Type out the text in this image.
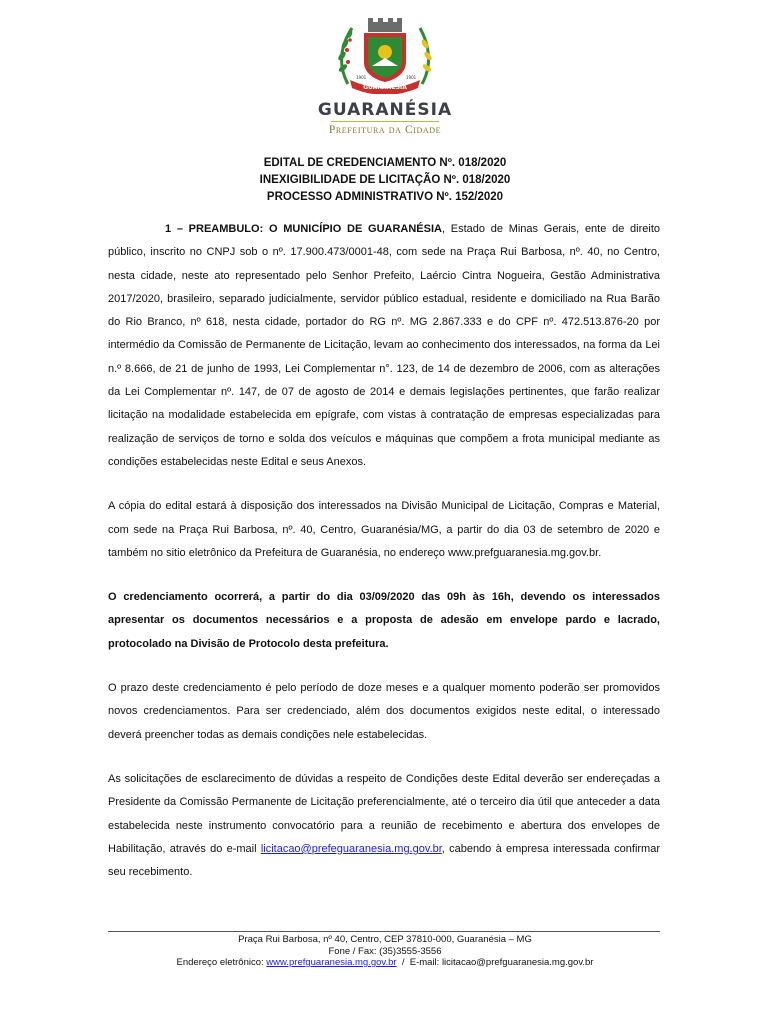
GUARANÉSIA
1901	1901
GUARANÉSIA
Prefeitura da Cidade
EDITAL DE CREDENCIAMENTO Nº. 018/2020
INEXIGIBILIDADE DE LICITAÇÃO Nº. 018/2020
PROCESSO ADMINISTRATIVO Nº. 152/2020

1 – PREAMBULO: O MUNICÍPIO DE GUARANÉSIA, Estado de Minas Gerais, ente de direito público, inscrito no CNPJ sob o nº. 17.900.473/0001-48, com sede na Praça Rui Barbosa, nº. 40, no Centro, nesta cidade, neste ato representado pelo Senhor Prefeito, Laércio Cintra Nogueira, Gestão Administrativa 2017/2020, brasileiro, separado judicialmente, servidor público estadual, residente e domiciliado na Rua Barão do Rio Branco, nº 618, nesta cidade, portador do RG nº. MG 2.867.333 e do CPF nº. 472.513.876-20 por intermédio da Comissão de Permanente de Licitação, levam ao conhecimento dos interessados, na forma da Lei n.º 8.666, de 21 de junho de 1993, Lei Complementar n°. 123, de 14 de dezembro de 2006, com as alterações da Lei Complementar nº. 147, de 07 de agosto de 2014 e demais legislações pertinentes, que farão realizar licitação na modalidade estabelecida em epígrafe, com vistas à contratação de empresas especializadas para realização de serviços de torno e solda dos veículos e máquinas que compõem a frota municipal mediante as condições estabelecidas neste Edital e seus Anexos.

A cópia do edital estará à disposição dos interessados na Divisão Municipal de Licitação, Compras e Material, com sede na Praça Rui Barbosa, nº. 40, Centro, Guaranésia/MG, a partir do dia 03 de setembro de 2020 e também no sitio eletrônico da Prefeitura de Guaranésia, no endereço www.prefguaranesia.mg.gov.br.

O credenciamento ocorrerá, a partir do dia 03/09/2020 das 09h às 16h, devendo os interessados apresentar os documentos necessários e a proposta de adesão em envelope pardo e lacrado, protocolado na Divisão de Protocolo desta prefeitura.

O prazo deste credenciamento é pelo período de doze meses e a qualquer momento poderão ser promovidos novos credenciamentos. Para ser credenciado, além dos documentos exigidos neste edital, o interessado deverá preencher todas as demais condições nele estabelecidas.

As solicitações de esclarecimento de dúvidas a respeito de Condições deste Edital deverão ser endereçadas a Presidente da Comissão Permanente de Licitação preferencialmente, até o terceiro dia útil que anteceder a data estabelecida neste instrumento convocatório para a reunião de recebimento e abertura dos envelopes de Habilitação, através do e-mail licitacao@prefeguaranesia.mg.gov.br, cabendo à empresa interessada confirmar seu recebimento.

Praça Rui Barbosa, nº 40, Centro, CEP 37810-000, Guaranésia – MG
Fone / Fax: (35)3555-3556
Endereço eletrônico: www.prefguaranesia.mg.gov.br  /  E-mail: licitacao@prefguaranesia.mg.gov.br
